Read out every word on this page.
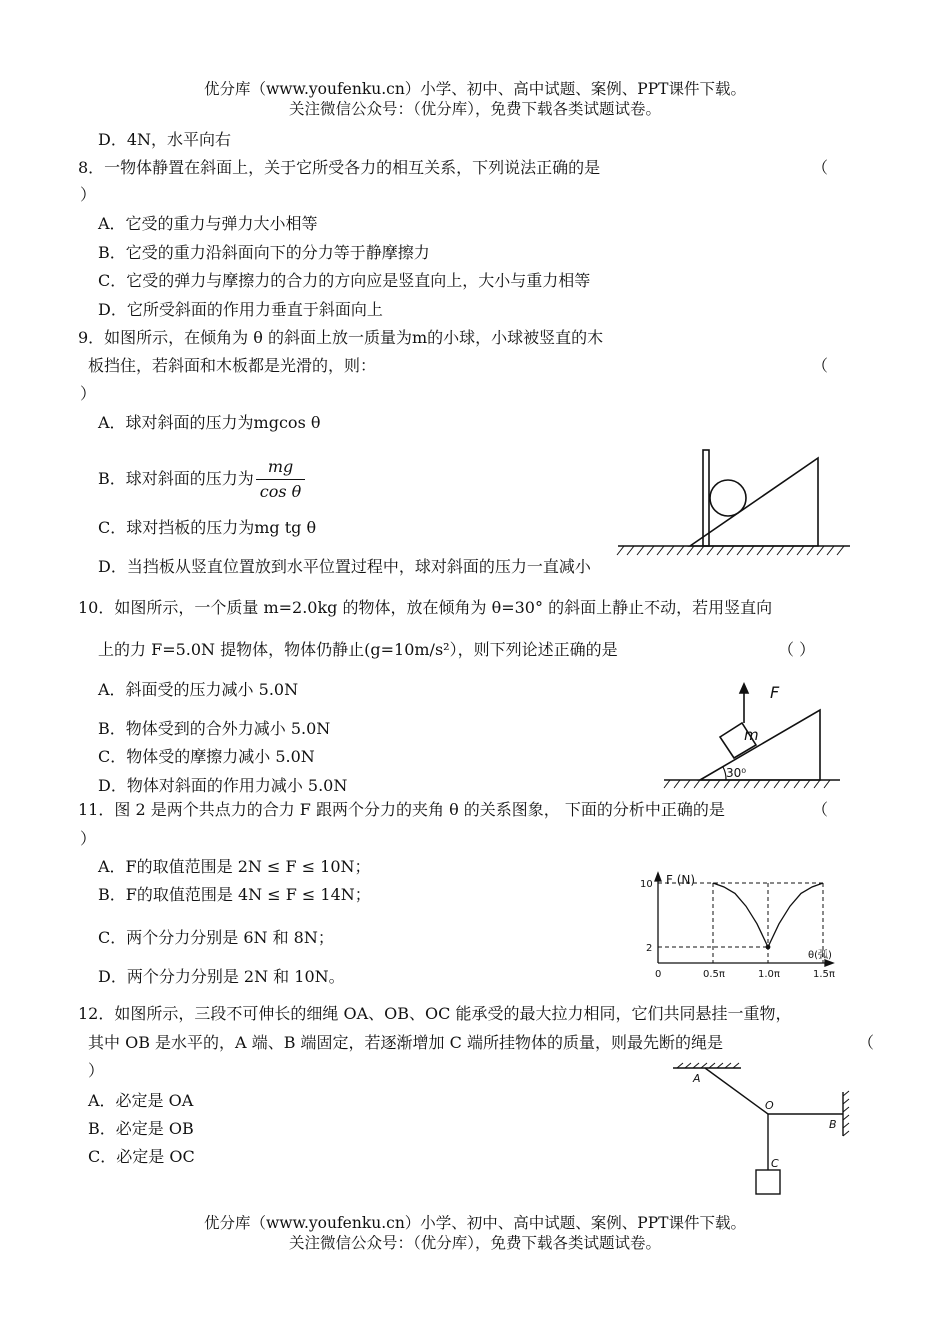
优分库（www.youfenku.cn）小学、初中、高中试题、案例、PPT课件下载。
关注微信公众号：（优分库），免费下载各类试题试卷。
D．4N，水平向右
8．一物体静置在斜面上，关于它所受各力的相互关系，下列说法正确的是	（
）
A．它受的重力与弹力大小相等
B．它受的重力沿斜面向下的分力等于静摩擦力
C．它受的弹力与摩擦力的合力的方向应是竖直向上，大小与重力相等
D．它所受斜面的作用力垂直于斜面向上
9．如图所示，在倾角为 θ 的斜面上放一质量为m的小球，小球被竖直的木
板挡住，若斜面和木板都是光滑的，则：	（
）
A．球对斜面的压力为mgcos θ
B．球对斜面的压力为 $\frac{mg}{\text{cos θ}}$
C．球对挡板的压力为mg tg θ
D．当挡板从竖直位置放到水平位置过程中，球对斜面的压力一直减小
10．如图所示，一个质量 m=2.0kg 的物体，放在倾角为 θ=30° 的斜面上静止不动，若用竖直向
上的力 F=5.0N 提物体，物体仍静止(g=10m/s²），则下列论述正确的是	（ ）
A．斜面受的压力减小 5.0N
B．物体受到的合外力减小 5.0N
C．物体受的摩擦力减小 5.0N
D．物体对斜面的作用力减小 5.0N
F
m
30⁰
11．图 2 是两个共点力的合力 F 跟两个分力的夹角 θ 的关系图象， 下面的分析中正确的是	（
）
A．F的取值范围是 2N ≤ F ≤ 10N；
B．F的取值范围是 4N ≤ F ≤ 14N；
C．两个分力分别是 6N 和 8N；
D．两个分力分别是 2N 和 10N。	0	0.5π	1.0π	1.5π
2
10 F (N)
θ(弧)
12．如图所示，三段不可伸长的细绳 OA、OB、OC 能承受的最大拉力相同，它们共同悬挂一重物，
其中 OB 是水平的，A 端、B 端固定，若逐渐增加 C 端所挂物体的质量，则最先断的绳是	（
）
A．必定是 OA
B．必定是 OB
C．必定是 OC
A
O
B
C
优分库（www.youfenku.cn）小学、初中、高中试题、案例、PPT课件下载。
关注微信公众号：（优分库），免费下载各类试题试卷。
